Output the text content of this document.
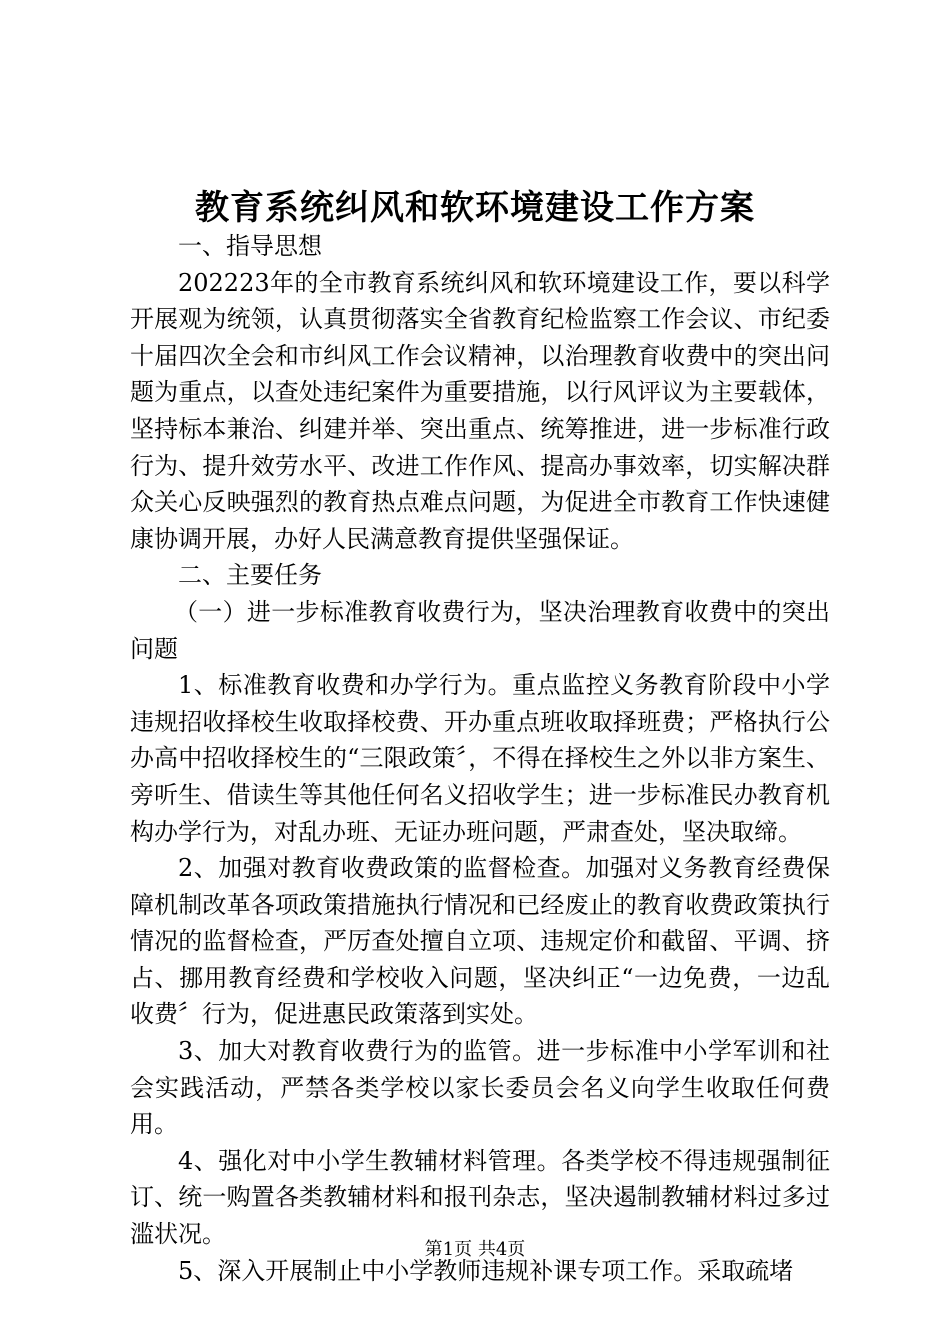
教育系统纠风和软环境建设工作方案

一、指导思想

202223年的全市教育系统纠风和软环境建设工作，要以科学开展观为统领，认真贯彻落实全省教育纪检监察工作会议、市纪委十届四次全会和市纠风工作会议精神，以治理教育收费中的突出问题为重点，以查处违纪案件为重要措施，以行风评议为主要载体，坚持标本兼治、纠建并举、突出重点、统筹推进，进一步标准行政行为、提升效劳水平、改进工作作风、提高办事效率，切实解决群众关心反映强烈的教育热点难点问题，为促进全市教育工作快速健康协调开展，办好人民满意教育提供坚强保证。

二、主要任务

（一）进一步标准教育收费行为，坚决治理教育收费中的突出问题

1、标准教育收费和办学行为。重点监控义务教育阶段中小学违规招收择校生收取择校费、开办重点班收取择班费；严格执行公办高中招收择校生的“三限政策〞，不得在择校生之外以非方案生、旁听生、借读生等其他任何名义招收学生；进一步标准民办教育机构办学行为，对乱办班、无证办班问题，严肃查处，坚决取缔。

2、加强对教育收费政策的监督检查。加强对义务教育经费保障机制改革各项政策措施执行情况和已经废止的教育收费政策执行情况的监督检查，严厉查处擅自立项、违规定价和截留、平调、挤占、挪用教育经费和学校收入问题，坚决纠正“一边免费，一边乱收费〞行为，促进惠民政策落到实处。

3、加大对教育收费行为的监管。进一步标准中小学军训和社会实践活动，严禁各类学校以家长委员会名义向学生收取任何费用。

4、强化对中小学生教辅材料管理。各类学校不得违规强制征订、统一购置各类教辅材料和报刊杂志，坚决遏制教辅材料过多过滥状况。

5、深入开展制止中小学教师违规补课专项工作。采取疏堵

第1页 共4页
